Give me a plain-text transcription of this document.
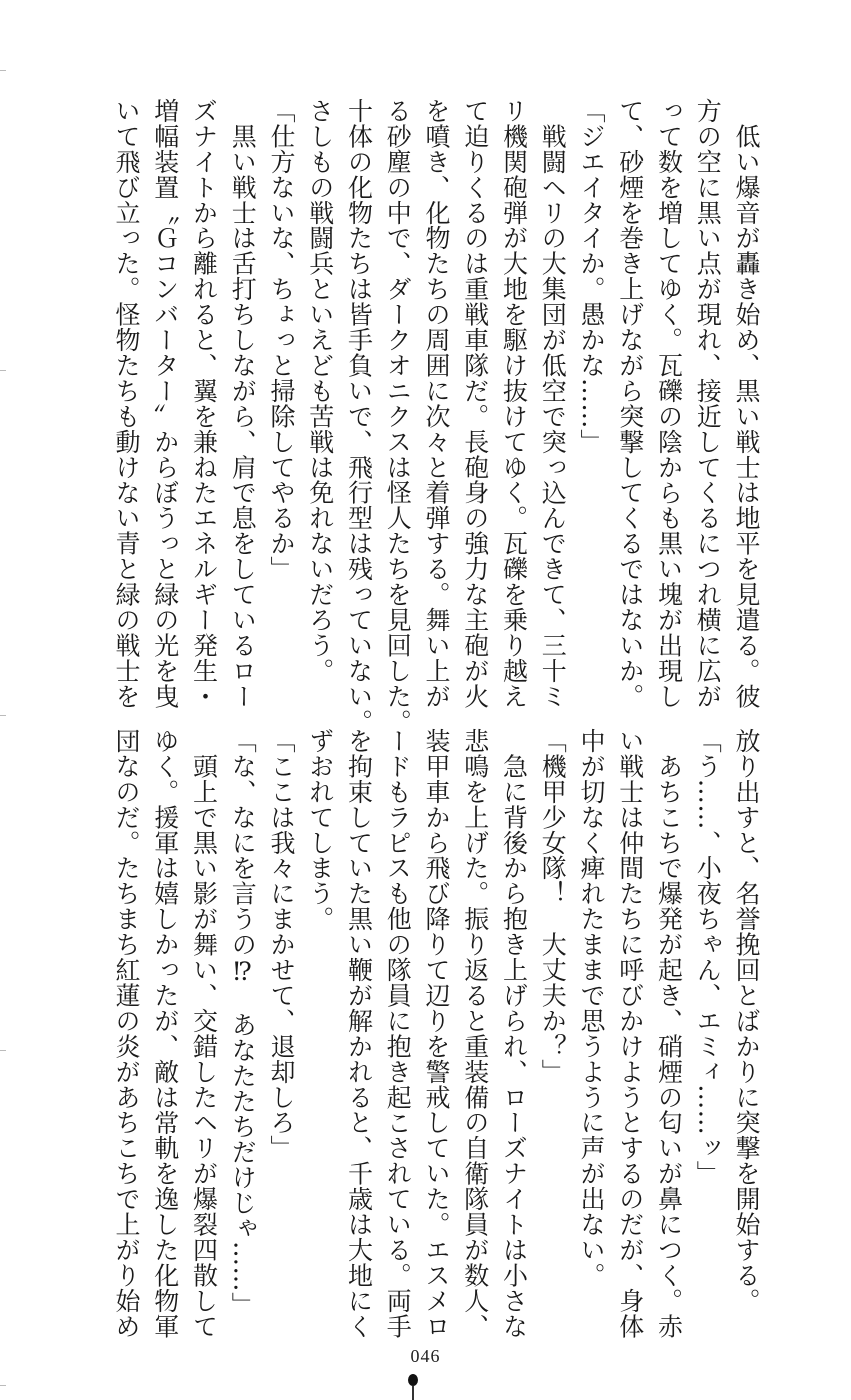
　低い爆音が轟き始め、黒い戦士は地平を見遣る。彼
方の空に黒い点が現れ、接近してくるにつれ横に広が
って数を増してゆく。瓦礫の陰からも黒い塊が出現し
て、砂煙を巻き上げながら突撃してくるではないか。
「ジエイタイか。愚かな……」
　戦闘ヘリの大集団が低空で突っ込んできて、三十ミ
リ機関砲弾が大地を駆け抜けてゆく。瓦礫を乗り越え
て迫りくるのは重戦車隊だ。長砲身の強力な主砲が火
を噴き、化物たちの周囲に次々と着弾する。舞い上が
る砂塵の中で、ダークオニクスは怪人たちを見回した。
十体の化物たちは皆手負いで、飛行型は残っていない。
さしもの戦闘兵といえども苦戦は免れないだろう。
「仕方ないな、ちょっと掃除してやるか」
　黒い戦士は舌打ちしながら、肩で息をしているロー
ズナイトから離れると、翼を兼ねたエネルギー発生・
増幅装置〝Ｇコンバーター〟からぼうっと緑の光を曳
いて飛び立った。怪物たちも動けない青と緑の戦士を
放り出すと、名誉挽回とばかりに突撃を開始する。
「う……、小夜ちゃん、エミィ……ッ」
　あちこちで爆発が起き、硝煙の匂いが鼻につく。赤
い戦士は仲間たちに呼びかけようとするのだが、身体
中が切なく痺れたままで思うように声が出ない。
「機甲少女隊！　大丈夫か？」
　急に背後から抱き上げられ、ローズナイトは小さな
悲鳴を上げた。振り返ると重装備の自衛隊員が数人、
装甲車から飛び降りて辺りを警戒していた。エスメロ
ードもラピスも他の隊員に抱き起こされている。両手
を拘束していた黒い鞭が解かれると、千歳は大地にく
ずおれてしまう。
「ここは我々にまかせて、退却しろ」
「な、なにを言うの⁉　あなたたちだけじゃ……」
　頭上で黒い影が舞い、交錯したヘリが爆裂四散して
ゆく。援軍は嬉しかったが、敵は常軌を逸した化物軍
団なのだ。たちまち紅蓮の炎があちこちで上がり始め
046
